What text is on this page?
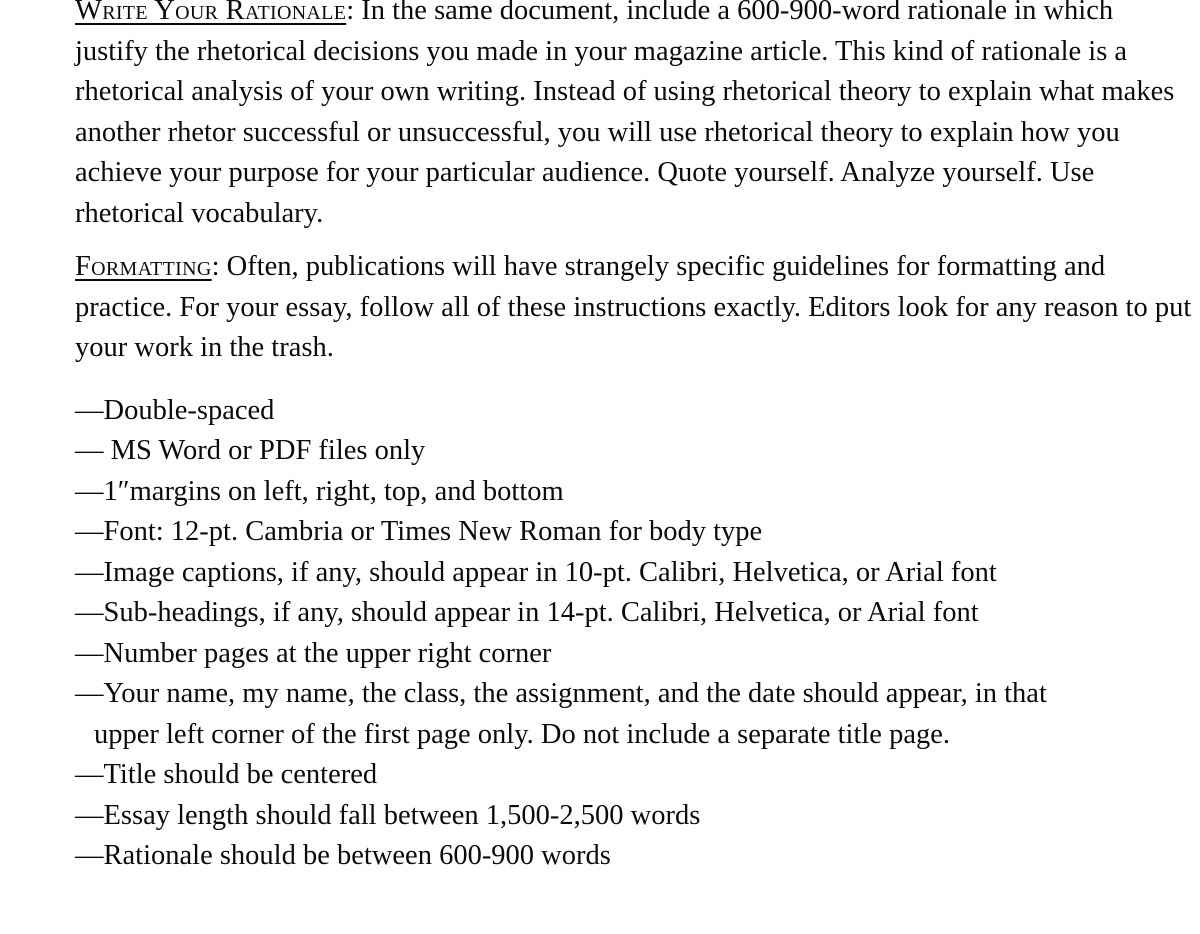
Write Your Rationale: In the same document, include a 600-900-word rationale in which
justify the rhetorical decisions you made in your magazine article. This kind of rationale is a
rhetorical analysis of your own writing. Instead of using rhetorical theory to explain what makes
another rhetor successful or unsuccessful, you will use rhetorical theory to explain how you
achieve your purpose for your particular audience. Quote yourself. Analyze yourself. Use
rhetorical vocabulary.
Formatting: Often, publications will have strangely specific guidelines for formatting and
practice. For your essay, follow all of these instructions exactly. Editors look for any reason to put
your work in the trash.
—Double-spaced
— MS Word or PDF files only
—1″margins on left, right, top, and bottom
—Font: 12-pt. Cambria or Times New Roman for body type
—Image captions, if any, should appear in 10-pt. Calibri, Helvetica, or Arial font
—Sub-headings, if any, should appear in 14-pt. Calibri, Helvetica, or Arial font
—Number pages at the upper right corner
—Your name, my name, the class, the assignment, and the date should appear, in that
upper left corner of the first page only. Do not include a separate title page.
—Title should be centered
—Essay length should fall between 1,500-2,500 words
—Rationale should be between 600-900 words
